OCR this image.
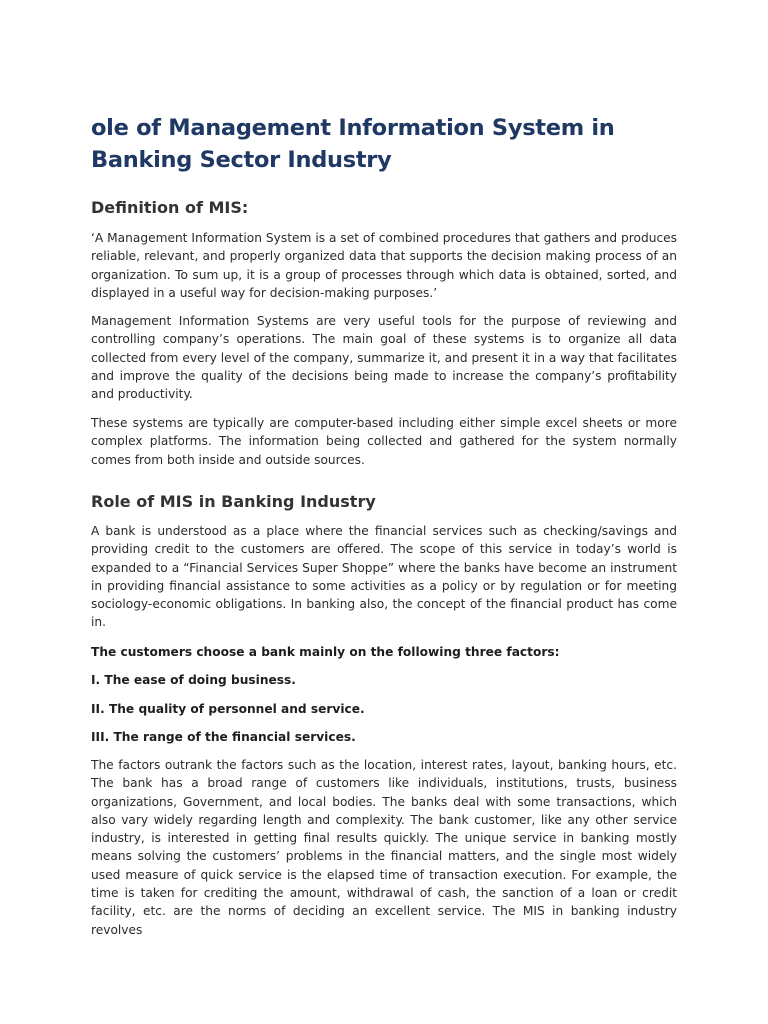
ole of Management Information System in Banking Sector Industry
Definition of MIS:

‘A Management Information System is a set of combined procedures that gathers and produces reliable, relevant, and properly organized data that supports the decision making process of an organization. To sum up, it is a group of processes through which data is obtained, sorted, and displayed in a useful way for decision-making purposes.’

Management Information Systems are very useful tools for the purpose of reviewing and controlling company’s operations. The main goal of these systems is to organize all data collected from every level of the company, summarize it, and present it in a way that facilitates and improve the quality of the decisions being made to increase the company’s profitability and productivity.

These systems are typically are computer-based including either simple excel sheets or more complex platforms. The information being collected and gathered for the system normally comes from both inside and outside sources.

Role of MIS in Banking Industry

A bank is understood as a place where the financial services such as checking/savings and providing credit to the customers are offered. The scope of this service in today’s world is expanded to a “Financial Services Super Shoppe” where the banks have become an instrument in providing financial assistance to some activities as a policy or by regulation or for meeting sociology-economic obligations. In banking also, the concept of the financial product has come in.

The customers choose a bank mainly on the following three factors:

I. The ease of doing business.

II. The quality of personnel and service.

III. The range of the financial services.

The factors outrank the factors such as the location, interest rates, layout, banking hours, etc. The bank has a broad range of customers like individuals, institutions, trusts, business organizations, Government, and local bodies. The banks deal with some transactions, which also vary widely regarding length and complexity. The bank customer, like any other service industry, is interested in getting final results quickly. The unique service in banking mostly means solving the customers’ problems in the financial matters, and the single most widely used measure of quick service is the elapsed time of transaction execution. For example, the time is taken for crediting the amount, withdrawal of cash, the sanction of a loan or credit facility, etc. are the norms of deciding an excellent service. The MIS in banking industry revolves
